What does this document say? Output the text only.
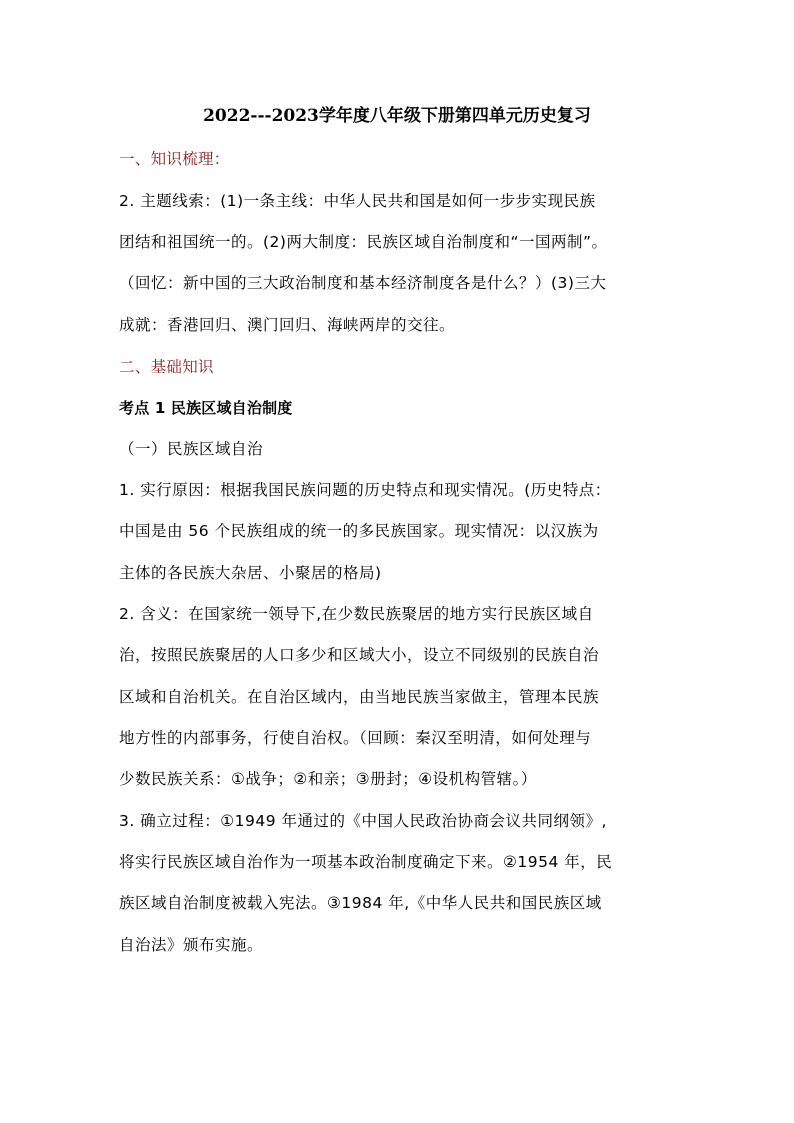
2022---2023学年度八年级下册第四单元历史复习
一、知识梳理：
2. 主题线索：(1)一条主线：中华人民共和国是如何一步步实现民族
团结和祖国统一的。(2)两大制度：民族区域自治制度和“一国两制”。
（回忆：新中国的三大政治制度和基本经济制度各是什么？）(3)三大
成就：香港回归、澳门回归、海峡两岸的交往。
二、基础知识
考点 1 民族区域自治制度
（一）民族区域自治
1. 实行原因：根据我国民族问题的历史特点和现实情况。(历史特点：
中国是由 56 个民族组成的统一的多民族国家。现实情况：以汉族为
主体的各民族大杂居、小聚居的格局)
2. 含义：在国家统一领导下,在少数民族聚居的地方实行民族区域自
治，按照民族聚居的人口多少和区域大小，设立不同级别的民族自治
区域和自治机关。在自治区域内，由当地民族当家做主，管理本民族
地方性的内部事务，行使自治权。（回顾：秦汉至明清，如何处理与
少数民族关系：①战争；②和亲；③册封；④设机构管辖。）
3. 确立过程：①1949 年通过的《中国人民政治协商会议共同纲领》,
将实行民族区域自治作为一项基本政治制度确定下来。②1954 年，民
族区域自治制度被载入宪法。③1984 年,《中华人民共和国民族区域
自治法》颁布实施。
